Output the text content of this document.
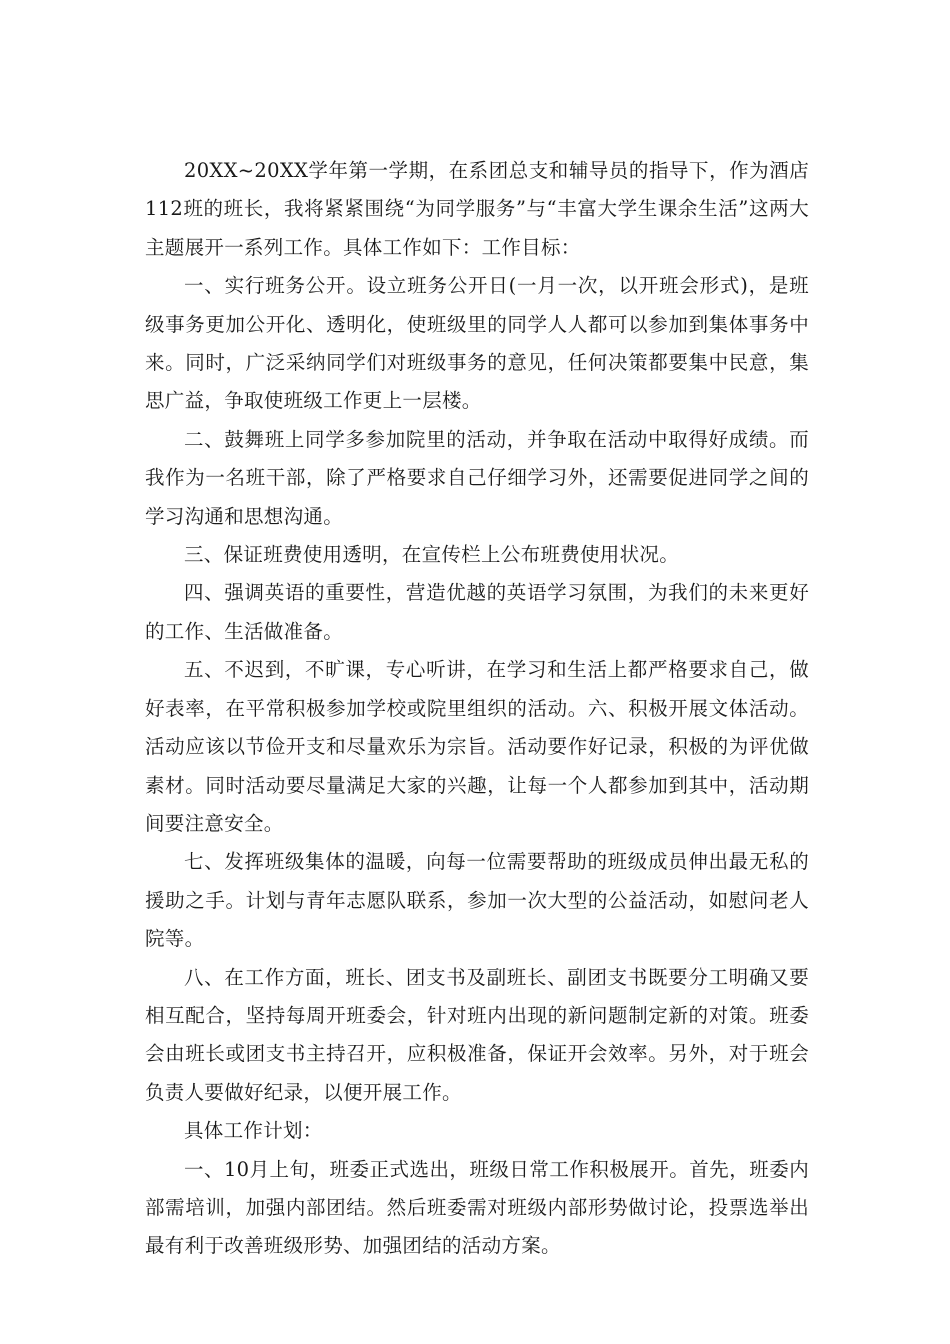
20XX~20XX学年第一学期，在系团总支和辅导员的指导下，作为酒店112班的班长，我将紧紧围绕“为同学服务”与“丰富大学生课余生活”这两大主题展开一系列工作。具体工作如下：工作目标：

一、实行班务公开。设立班务公开日(一月一次，以开班会形式)，是班级事务更加公开化、透明化，使班级里的同学人人都可以参加到集体事务中来。同时，广泛采纳同学们对班级事务的意见，任何决策都要集中民意，集思广益，争取使班级工作更上一层楼。

二、鼓舞班上同学多参加院里的活动，并争取在活动中取得好成绩。而我作为一名班干部，除了严格要求自己仔细学习外，还需要促进同学之间的学习沟通和思想沟通。

三、保证班费使用透明，在宣传栏上公布班费使用状况。

四、强调英语的重要性，营造优越的英语学习氛围，为我们的未来更好的工作、生活做准备。

五、不迟到，不旷课，专心听讲，在学习和生活上都严格要求自己，做好表率，在平常积极参加学校或院里组织的活动。六、积极开展文体活动。活动应该以节俭开支和尽量欢乐为宗旨。活动要作好记录，积极的为评优做素材。同时活动要尽量满足大家的兴趣，让每一个人都参加到其中，活动期间要注意安全。

七、发挥班级集体的温暖，向每一位需要帮助的班级成员伸出最无私的援助之手。计划与青年志愿队联系，参加一次大型的公益活动，如慰问老人院等。

八、在工作方面，班长、团支书及副班长、副团支书既要分工明确又要相互配合，坚持每周开班委会，针对班内出现的新问题制定新的对策。班委会由班长或团支书主持召开，应积极准备，保证开会效率。另外，对于班会负责人要做好纪录，以便开展工作。

具体工作计划：

一、10月上旬，班委正式选出，班级日常工作积极展开。首先，班委内部需培训，加强内部团结。然后班委需对班级内部形势做讨论，投票选举出最有利于改善班级形势、加强团结的活动方案。
